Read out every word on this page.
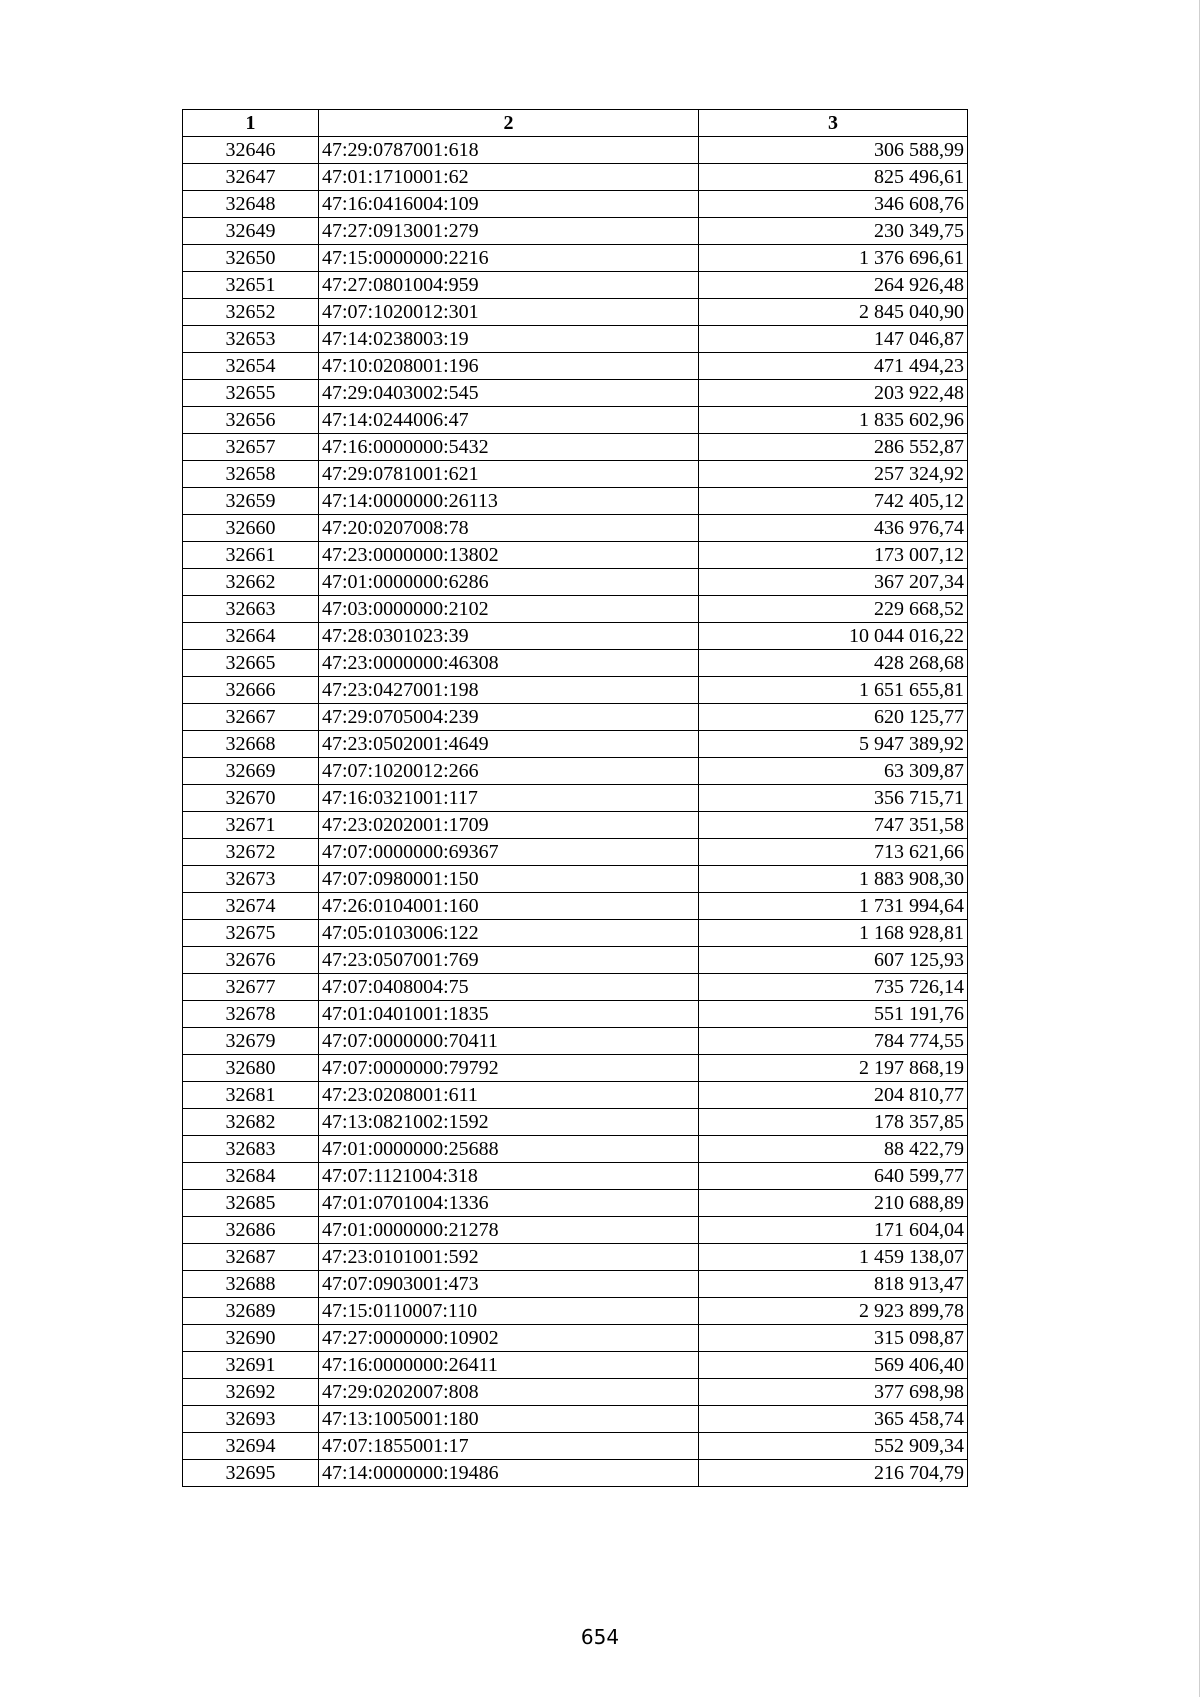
1	2	3
32646	47:29:0787001:618	306 588,99
32647	47:01:1710001:62	825 496,61
32648	47:16:0416004:109	346 608,76
32649	47:27:0913001:279	230 349,75
32650	47:15:0000000:2216	1 376 696,61
32651	47:27:0801004:959	264 926,48
32652	47:07:1020012:301	2 845 040,90
32653	47:14:0238003:19	147 046,87
32654	47:10:0208001:196	471 494,23
32655	47:29:0403002:545	203 922,48
32656	47:14:0244006:47	1 835 602,96
32657	47:16:0000000:5432	286 552,87
32658	47:29:0781001:621	257 324,92
32659	47:14:0000000:26113	742 405,12
32660	47:20:0207008:78	436 976,74
32661	47:23:0000000:13802	173 007,12
32662	47:01:0000000:6286	367 207,34
32663	47:03:0000000:2102	229 668,52
32664	47:28:0301023:39	10 044 016,22
32665	47:23:0000000:46308	428 268,68
32666	47:23:0427001:198	1 651 655,81
32667	47:29:0705004:239	620 125,77
32668	47:23:0502001:4649	5 947 389,92
32669	47:07:1020012:266	63 309,87
32670	47:16:0321001:117	356 715,71
32671	47:23:0202001:1709	747 351,58
32672	47:07:0000000:69367	713 621,66
32673	47:07:0980001:150	1 883 908,30
32674	47:26:0104001:160	1 731 994,64
32675	47:05:0103006:122	1 168 928,81
32676	47:23:0507001:769	607 125,93
32677	47:07:0408004:75	735 726,14
32678	47:01:0401001:1835	551 191,76
32679	47:07:0000000:70411	784 774,55
32680	47:07:0000000:79792	2 197 868,19
32681	47:23:0208001:611	204 810,77
32682	47:13:0821002:1592	178 357,85
32683	47:01:0000000:25688	88 422,79
32684	47:07:1121004:318	640 599,77
32685	47:01:0701004:1336	210 688,89
32686	47:01:0000000:21278	171 604,04
32687	47:23:0101001:592	1 459 138,07
32688	47:07:0903001:473	818 913,47
32689	47:15:0110007:110	2 923 899,78
32690	47:27:0000000:10902	315 098,87
32691	47:16:0000000:26411	569 406,40
32692	47:29:0202007:808	377 698,98
32693	47:13:1005001:180	365 458,74
32694	47:07:1855001:17	552 909,34
32695	47:14:0000000:19486	216 704,79
654
